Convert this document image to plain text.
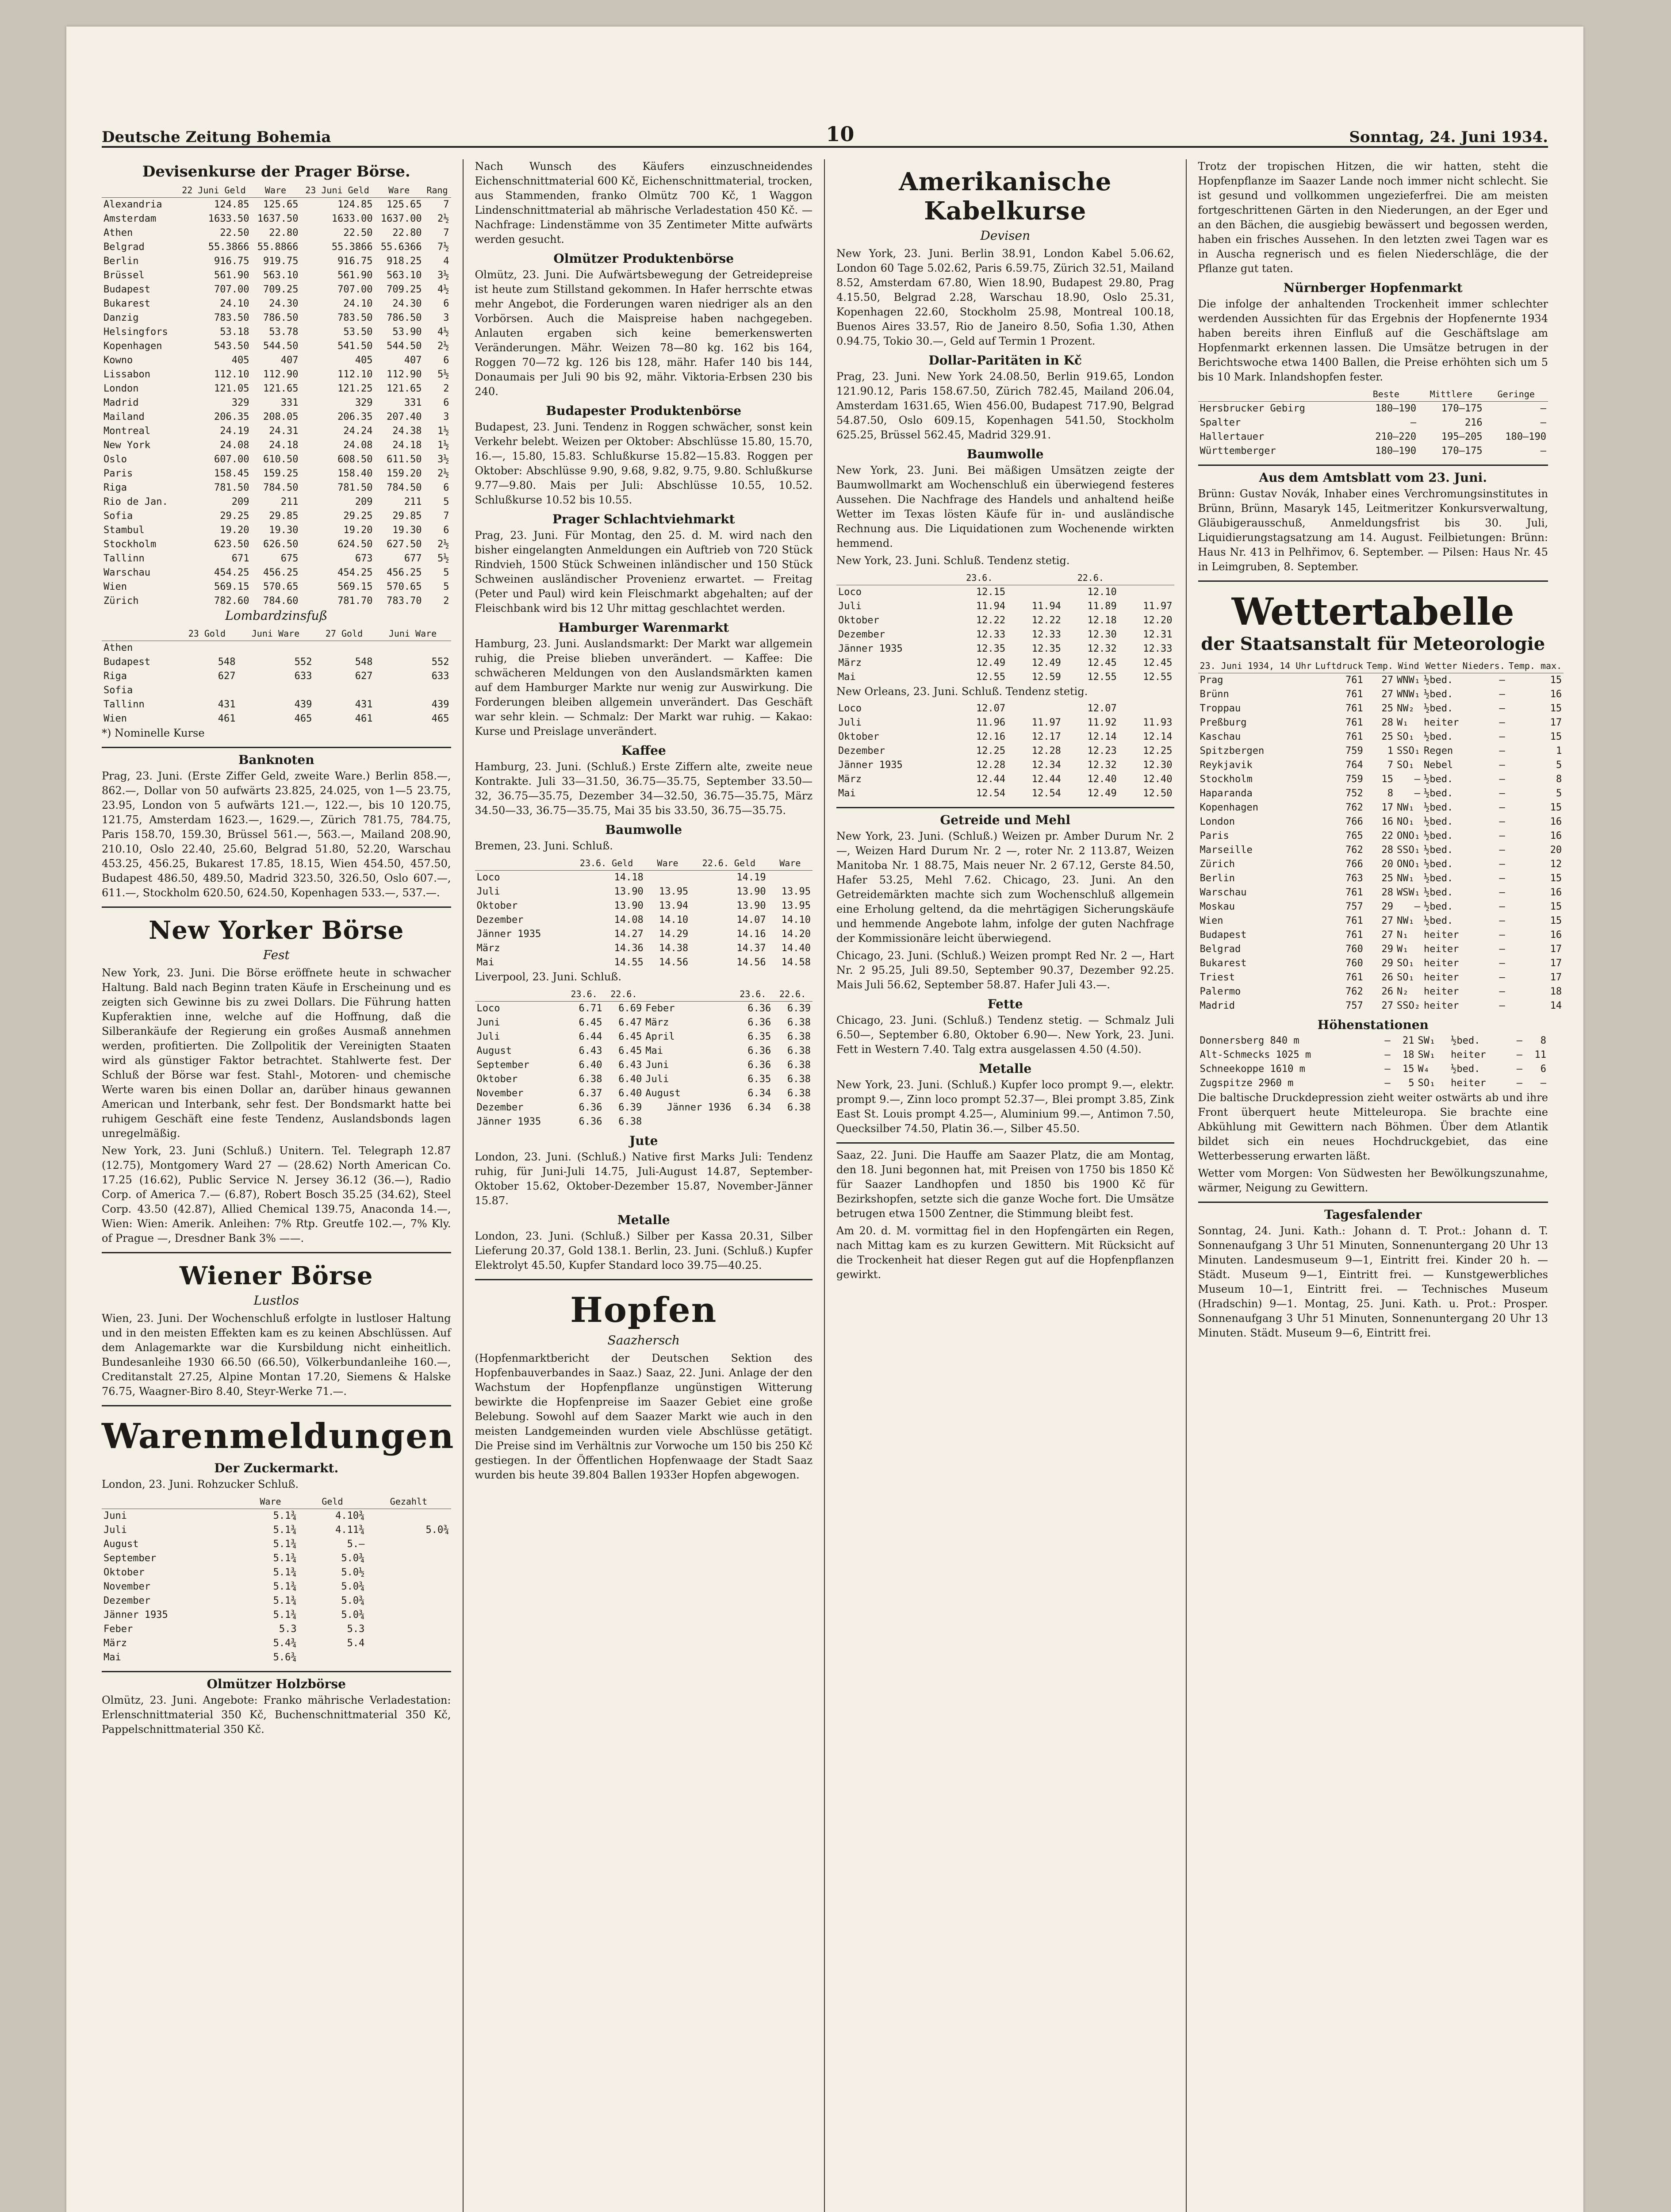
Deutsche Zeitung Bohemia	10	Sonntag, 24. Juni 1934.
Devisenkurse der Prager Börse.
	22 Juni Geld	Ware	23 Juni Geld	Ware	Rang
Alexandria	124.85	125.65	124.85	125.65	7
Amsterdam	1633.50	1637.50	1633.00	1637.00	2½
Athen	22.50	22.80	22.50	22.80	7
Belgrad	55.3866	55.8866	55.3866	55.6366	7½
Berlin	916.75	919.75	916.75	918.25	4
Brüssel	561.90	563.10	561.90	563.10	3½
Budapest	707.00	709.25	707.00	709.25	4½
Bukarest	24.10	24.30	24.10	24.30	6
Danzig	783.50	786.50	783.50	786.50	3
Helsingfors	53.18	53.78	53.50	53.90	4½
Kopenhagen	543.50	544.50	541.50	544.50	2½
Kowno	405	407	405	407	6
Lissabon	112.10	112.90	112.10	112.90	5½
London	121.05	121.65	121.25	121.65	2
Madrid	329	331	329	331	6
Mailand	206.35	208.05	206.35	207.40	3
Montreal	24.19	24.31	24.24	24.38	1½
New York	24.08	24.18	24.08	24.18	1½
Oslo	607.00	610.50	608.50	611.50	3½
Paris	158.45	159.25	158.40	159.20	2½
Riga	781.50	784.50	781.50	784.50	6
Rio de Jan.	209	211	209	211	5
Sofia	29.25	29.85	29.25	29.85	7
Stambul	19.20	19.30	19.20	19.30	6
Stockholm	623.50	626.50	624.50	627.50	2½
Tallinn	671	675	673	677	5½
Warschau	454.25	456.25	454.25	456.25	5
Wien	569.15	570.65	569.15	570.65	5
Zürich	782.60	784.60	781.70	783.70	2
Lombardzinsfuß
	23 Gold	Juni Ware	27 Gold	Juni Ware
Athen				
Budapest	548	552	548	552
Riga	627	633	627	633
Sofia				
Tallinn	431	439	431	439
Wien	461	465	461	465
*) Nominelle Kurse
Banknoten

Prag, 23. Juni. (Erste Ziffer Geld, zweite Ware.) Berlin 858.—, 862.—, Dollar von 50 aufwärts 23.825, 24.025, von 1—5 23.75, 23.95, London von 5 aufwärts 121.—, 122.—, bis 10 120.75, 121.75, Amsterdam 1623.—, 1629.—, Zürich 781.75, 784.75, Paris 158.70, 159.30, Brüssel 561.—, 563.—, Mailand 208.90, 210.10, Oslo 22.40, 25.60, Belgrad 51.80, 52.20, Warschau 453.25, 456.25, Bukarest 17.85, 18.15, Wien 454.50, 457.50, Budapest 486.50, 489.50, Madrid 323.50, 326.50, Oslo 607.—, 611.—, Stockholm 620.50, 624.50, Kopenhagen 533.—, 537.—.

New Yorker Börse
Fest

New York, 23. Juni. Die Börse eröffnete heute in schwacher Haltung. Bald nach Beginn traten Käufe in Erscheinung und es zeigten sich Gewinne bis zu zwei Dollars. Die Führung hatten Kupferaktien inne, welche auf die Hoffnung, daß die Silberankäufe der Regierung ein großes Ausmaß annehmen werden, profitierten. Die Zollpolitik der Vereinigten Staaten wird als günstiger Faktor betrachtet. Stahlwerte fest. Der Schluß der Börse war fest. Stahl-, Motoren- und chemische Werte waren bis einen Dollar an, darüber hinaus gewannen American und Interbank, sehr fest. Der Bondsmarkt hatte bei ruhigem Geschäft eine feste Tendenz, Auslandsbonds lagen unregelmäßig.

New York, 23. Juni (Schluß.) Unitern. Tel. Telegraph 12.87 (12.75), Montgomery Ward 27 — (28.62) North American Co. 17.25 (16.62), Public Service N. Jersey 36.12 (36.—), Radio Corp. of America 7.— (6.87), Robert Bosch 35.25 (34.62), Steel Corp. 43.50 (42.87), Allied Chemical 139.75, Anaconda 14.—, Wien: Wien: Amerik. Anleihen: 7% Rtp. Greutfe 102.—, 7% Kly. of Prague —, Dresdner Bank 3% ——.

Wiener Börse
Lustlos

Wien, 23. Juni. Der Wochenschluß erfolgte in lustloser Haltung und in den meisten Effekten kam es zu keinen Abschlüssen. Auf dem Anlagemarkte war die Kursbildung nicht einheitlich. Bundesanleihe 1930 66.50 (66.50), Völkerbundanleihe 160.—, Creditanstalt 27.25, Alpine Montan 17.20, Siemens & Halske 76.75, Waagner-Biro 8.40, Steyr-Werke 71.—.

Warenmeldungen
Der Zuckermarkt.
London, 23. Juni. Rohzucker Schluß.
	Ware	Geld	Gezahlt
Juni	5.1¾	4.10¾	
Juli	5.1¾	4.11¾	5.0¾
August	5.1¾	5.—	
September	5.1¾	5.0¾	
Oktober	5.1¾	5.0½	
November	5.1¾	5.0¾	
Dezember	5.1¾	5.0¾	
Jänner 1935	5.1¾	5.0¾	
Feber	5.3	5.3	
März	5.4¾	5.4	
Mai	5.6¾		
Olmützer Holzbörse

Olmütz, 23. Juni. Angebote: Franko mährische Verladestation: Erlenschnittmaterial 350 Kč, Buchenschnittmaterial 350 Kč, Pappelschnittmaterial 350 Kč.

Nach Wunsch des Käufers einzuschneidendes Eichenschnittmaterial 600 Kč, Eichenschnittmaterial, trocken, aus Stammenden, franko Olmütz 700 Kč, 1 Waggon Lindenschnittmaterial ab mährische Verladestation 450 Kč. — Nachfrage: Lindenstämme von 35 Zentimeter Mitte aufwärts werden gesucht.

Olmützer Produktenbörse

Olmütz, 23. Juni. Die Aufwärtsbewegung der Getreidepreise ist heute zum Stillstand gekommen. In Hafer herrschte etwas mehr Angebot, die Forderungen waren niedriger als an den Vorbörsen. Auch die Maispreise haben nachgegeben. Anlauten ergaben sich keine bemerkenswerten Veränderungen. Mähr. Weizen 78—80 kg. 162 bis 164, Roggen 70—72 kg. 126 bis 128, mähr. Hafer 140 bis 144, Donaumais per Juli 90 bis 92, mähr. Viktoria-Erbsen 230 bis 240.

Budapester Produktenbörse

Budapest, 23. Juni. Tendenz in Roggen schwächer, sonst kein Verkehr belebt. Weizen per Oktober: Abschlüsse 15.80, 15.70, 16.—, 15.80, 15.83. Schlußkurse 15.82—15.83. Roggen per Oktober: Abschlüsse 9.90, 9.68, 9.82, 9.75, 9.80. Schlußkurse 9.77—9.80. Mais per Juli: Abschlüsse 10.55, 10.52. Schlußkurse 10.52 bis 10.55.

Prager Schlachtviehmarkt

Prag, 23. Juni. Für Montag, den 25. d. M. wird nach den bisher eingelangten Anmeldungen ein Auftrieb von 720 Stück Rindvieh, 1500 Stück Schweinen inländischer und 150 Stück Schweinen ausländischer Provenienz erwartet. — Freitag (Peter und Paul) wird kein Fleischmarkt abgehalten; auf der Fleischbank wird bis 12 Uhr mittag geschlachtet werden.

Hamburger Warenmarkt

Hamburg, 23. Juni. Auslandsmarkt: Der Markt war allgemein ruhig, die Preise blieben unverändert. — Kaffee: Die schwächeren Meldungen von den Auslandsmärkten kamen auf dem Hamburger Markte nur wenig zur Auswirkung. Die Forderungen bleiben allgemein unverändert. Das Geschäft war sehr klein. — Schmalz: Der Markt war ruhig. — Kakao: Kurse und Preislage unverändert.

Kaffee

Hamburg, 23. Juni. (Schluß.) Erste Ziffern alte, zweite neue Kontrakte. Juli 33—31.50, 36.75—35.75, September 33.50—32, 36.75—35.75, Dezember 34—32.50, 36.75—35.75, März 34.50—33, 36.75—35.75, Mai 35 bis 33.50, 36.75—35.75.

Baumwolle
Bremen, 23. Juni. Schluß.
	23.6. Geld	Ware	22.6. Geld	Ware
Loco	14.18		14.19	
Juli	13.90	13.95	13.90	13.95
Oktober	13.90	13.94	13.90	13.95
Dezember	14.08	14.10	14.07	14.10
Jänner 1935	14.27	14.29	14.16	14.20
März	14.36	14.38	14.37	14.40
Mai	14.55	14.56	14.56	14.58
Liverpool, 23. Juni. Schluß.
	23.6.	22.6.		23.6.	22.6.
Loco	6.71	6.69	Feber	6.36	6.39
Juni	6.45	6.47	März	6.36	6.38
Juli	6.44	6.45	April	6.35	6.38
August	6.43	6.45	Mai	6.36	6.38
September	6.40	6.43	Juni	6.36	6.38
Oktober	6.38	6.40	Juli	6.35	6.38
November	6.37	6.40	August	6.34	6.38
Dezember	6.36	6.39	Jänner 1936	6.34	6.38
Jänner 1935	6.36	6.38			
Jute

London, 23. Juni. (Schluß.) Native first Marks Juli: Tendenz ruhig, für Juni-Juli 14.75, Juli-August 14.87, September-Oktober 15.62, Oktober-Dezember 15.87, November-Jänner 15.87.

Metalle

London, 23. Juni. (Schluß.) Silber per Kassa 20.31, Silber Lieferung 20.37, Gold 138.1. Berlin, 23. Juni. (Schluß.) Kupfer Elektrolyt 45.50, Kupfer Standard loco 39.75—40.25.

Hopfen
Saazhersch

(Hopfenmarktbericht der Deutschen Sektion des Hopfenbauverbandes in Saaz.) Saaz, 22. Juni. Anlage der den Wachstum der Hopfenpflanze ungünstigen Witterung bewirkte die Hopfenpreise im Saazer Gebiet eine große Belebung. Sowohl auf dem Saazer Markt wie auch in den meisten Landgemeinden wurden viele Abschlüsse getätigt. Die Preise sind im Verhältnis zur Vorwoche um 150 bis 250 Kč gestiegen. In der Öffentlichen Hopfenwaage der Stadt Saaz wurden bis heute 39.804 Ballen 1933er Hopfen abgewogen.

Amerikanische Kabelkurse
Devisen

New York, 23. Juni. Berlin 38.91, London Kabel 5.06.62, London 60 Tage 5.02.62, Paris 6.59.75, Zürich 32.51, Mailand 8.52, Amsterdam 67.80, Wien 18.90, Budapest 29.80, Prag 4.15.50, Belgrad 2.28, Warschau 18.90, Oslo 25.31, Kopenhagen 22.60, Stockholm 25.98, Montreal 100.18, Buenos Aires 33.57, Rio de Janeiro 8.50, Sofia 1.30, Athen 0.94.75, Tokio 30.—, Geld auf Termin 1 Prozent.

Dollar-Paritäten in Kč

Prag, 23. Juni. New York 24.08.50, Berlin 919.65, London 121.90.12, Paris 158.67.50, Zürich 782.45, Mailand 206.04, Amsterdam 1631.65, Wien 456.00, Budapest 717.90, Belgrad 54.87.50, Oslo 609.15, Kopenhagen 541.50, Stockholm 625.25, Brüssel 562.45, Madrid 329.91.

Baumwolle

New York, 23. Juni. Bei mäßigen Umsätzen zeigte der Baumwollmarkt am Wochenschluß ein überwiegend festeres Aussehen. Die Nachfrage des Handels und anhaltend heiße Wetter im Texas lösten Käufe für in- und ausländische Rechnung aus. Die Liquidationen zum Wochenende wirkten hemmend.

New York, 23. Juni. Schluß. Tendenz stetig.
	23.6.		22.6.	
Loco	12.15		12.10	
Juli	11.94	11.94	11.89	11.97
Oktober	12.22	12.22	12.18	12.20
Dezember	12.33	12.33	12.30	12.31
Jänner 1935	12.35	12.35	12.32	12.33
März	12.49	12.49	12.45	12.45
Mai	12.55	12.59	12.55	12.55
New Orleans, 23. Juni. Schluß. Tendenz stetig.
Loco	12.07		12.07	
Juli	11.96	11.97	11.92	11.93
Oktober	12.16	12.17	12.14	12.14
Dezember	12.25	12.28	12.23	12.25
Jänner 1935	12.28	12.34	12.32	12.30
März	12.44	12.44	12.40	12.40
Mai	12.54	12.54	12.49	12.50
Getreide und Mehl

New York, 23. Juni. (Schluß.) Weizen pr. Amber Durum Nr. 2 —, Weizen Hard Durum Nr. 2 —, roter Nr. 2 113.87, Weizen Manitoba Nr. 1 88.75, Mais neuer Nr. 2 67.12, Gerste 84.50, Hafer 53.25, Mehl 7.62. Chicago, 23. Juni. An den Getreidemärkten machte sich zum Wochenschluß allgemein eine Erholung geltend, da die mehrtägigen Sicherungskäufe und hemmende Angebote lahm, infolge der guten Nachfrage der Kommissionäre leicht überwiegend.

Chicago, 23. Juni. (Schluß.) Weizen prompt Red Nr. 2 —, Hart Nr. 2 95.25, Juli 89.50, September 90.37, Dezember 92.25. Mais Juli 56.62, September 58.87. Hafer Juli 43.—.

Fette

Chicago, 23. Juni. (Schluß.) Tendenz stetig. — Schmalz Juli 6.50—, September 6.80, Oktober 6.90—. New York, 23. Juni. Fett in Western 7.40. Talg extra ausgelassen 4.50 (4.50).

Metalle

New York, 23. Juni. (Schluß.) Kupfer loco prompt 9.—, elektr. prompt 9.—, Zinn loco prompt 52.37—, Blei prompt 3.85, Zink East St. Louis prompt 4.25—, Aluminium 99.—, Antimon 7.50, Quecksilber 74.50, Platin 36.—, Silber 45.50.

Saaz, 22. Juni. Die Hauffe am Saazer Platz, die am Montag, den 18. Juni begonnen hat, mit Preisen von 1750 bis 1850 Kč für Saazer Landhopfen und 1850 bis 1900 Kč für Bezirkshopfen, setzte sich die ganze Woche fort. Die Umsätze betrugen etwa 1500 Zentner, die Stimmung bleibt fest.

Am 20. d. M. vormittag fiel in den Hopfengärten ein Regen, nach Mittag kam es zu kurzen Gewittern. Mit Rücksicht auf die Trockenheit hat dieser Regen gut auf die Hopfenpflanzen gewirkt.

Trotz der tropischen Hitzen, die wir hatten, steht die Hopfenpflanze im Saazer Lande noch immer nicht schlecht. Sie ist gesund und vollkommen ungezieferfrei. Die am meisten fortgeschrittenen Gärten in den Niederungen, an der Eger und an den Bächen, die ausgiebig bewässert und begossen werden, haben ein frisches Aussehen. In den letzten zwei Tagen war es in Auscha regnerisch und es fielen Niederschläge, die der Pflanze gut taten.

Nürnberger Hopfenmarkt

Die infolge der anhaltenden Trockenheit immer schlechter werdenden Aussichten für das Ergebnis der Hopfenernte 1934 haben bereits ihren Einfluß auf die Geschäftslage am Hopfenmarkt erkennen lassen. Die Umsätze betrugen in der Berichtswoche etwa 1400 Ballen, die Preise erhöhten sich um 5 bis 10 Mark. Inlandshopfen fester.

	Beste	Mittlere	Geringe
Hersbrucker Gebirg	180—190	170—175	—
Spalter	—	216	—
Hallertauer	210—220	195—205	180—190
Württemberger	180—190	170—175	—
Aus dem Amtsblatt vom 23. Juni.

Brünn: Gustav Novák, Inhaber eines Verchromungsinstitutes in Brünn, Brünn, Masaryk 145, Leitmeritzer Konkursverwaltung, Gläubigerausschuß, Anmeldungsfrist bis 30. Juli, Liquidierungstagsatzung am 14. August. Feilbietungen: Brünn: Haus Nr. 413 in Pelhřimov, 6. September. — Pilsen: Haus Nr. 45 in Leimgruben, 8. September.

Wettertabelle
der Staatsanstalt für Meteorologie
23. Juni 1934, 14 Uhr	Luftdruck	Temp.	Wind	Wetter	Nieders.	Temp. max.
Prag	761	27	WNW₁	½bed.	—	15
Brünn	761	27	WNW₁	½bed.	—	16
Troppau	761	25	NW₂	½bed.	—	15
Preßburg	761	28	W₁	heiter	—	17
Kaschau	761	25	SO₁	½bed.	—	15
Spitzbergen	759	1	SSO₁	Regen	—	1
Reykjavik	764	7	SO₁	Nebel	—	5
Stockholm	759	15	—	½bed.	—	8
Haparanda	752	8	—	½bed.	—	5
Kopenhagen	762	17	NW₁	½bed.	—	15
London	766	16	NO₁	½bed.	—	16
Paris	765	22	ONO₁	½bed.	—	16
Marseille	762	28	SSO₁	½bed.	—	20
Zürich	766	20	ONO₁	½bed.	—	12
Berlin	763	25	NW₁	½bed.	—	15
Warschau	761	28	WSW₁	½bed.	—	16
Moskau	757	29	—	½bed.	—	15
Wien	761	27	NW₁	½bed.	—	15
Budapest	761	27	N₁	heiter	—	16
Belgrad	760	29	W₁	heiter	—	17
Bukarest	760	29	SO₁	heiter	—	17
Triest	761	26	SO₁	heiter	—	17
Palermo	762	26	N₂	heiter	—	18
Madrid	757	27	SSO₂	heiter	—	14
Höhenstationen
Donnersberg 840 m	—	21	SW₁	½bed.	—	8
Alt-Schmecks 1025 m	—	18	SW₁	heiter	—	11
Schneekoppe 1610 m	—	15	W₄	½bed.	—	6
Zugspitze 2960 m	—	5	SO₁	heiter	—	—

Die baltische Druckdepression zieht weiter ostwärts ab und ihre Front überquert heute Mitteleuropa. Sie brachte eine Abkühlung mit Gewittern nach Böhmen. Über dem Atlantik bildet sich ein neues Hochdruckgebiet, das eine Wetterbesserung erwarten läßt.

Wetter vom Morgen: Von Südwesten her Bewölkungszunahme, wärmer, Neigung zu Gewittern.

Tagesfalender

Sonntag, 24. Juni. Kath.: Johann d. T. Prot.: Johann d. T. Sonnenaufgang 3 Uhr 51 Minuten, Sonnenuntergang 20 Uhr 13 Minuten. Landesmuseum 9—1, Eintritt frei. Kinder 20 h. — Städt. Museum 9—1, Eintritt frei. — Kunstgewerbliches Museum 10—1, Eintritt frei. — Technisches Museum (Hradschin) 9—1. Montag, 25. Juni. Kath. u. Prot.: Prosper. Sonnenaufgang 3 Uhr 51 Minuten, Sonnenuntergang 20 Uhr 13 Minuten. Städt. Museum 9—6, Eintritt frei.
